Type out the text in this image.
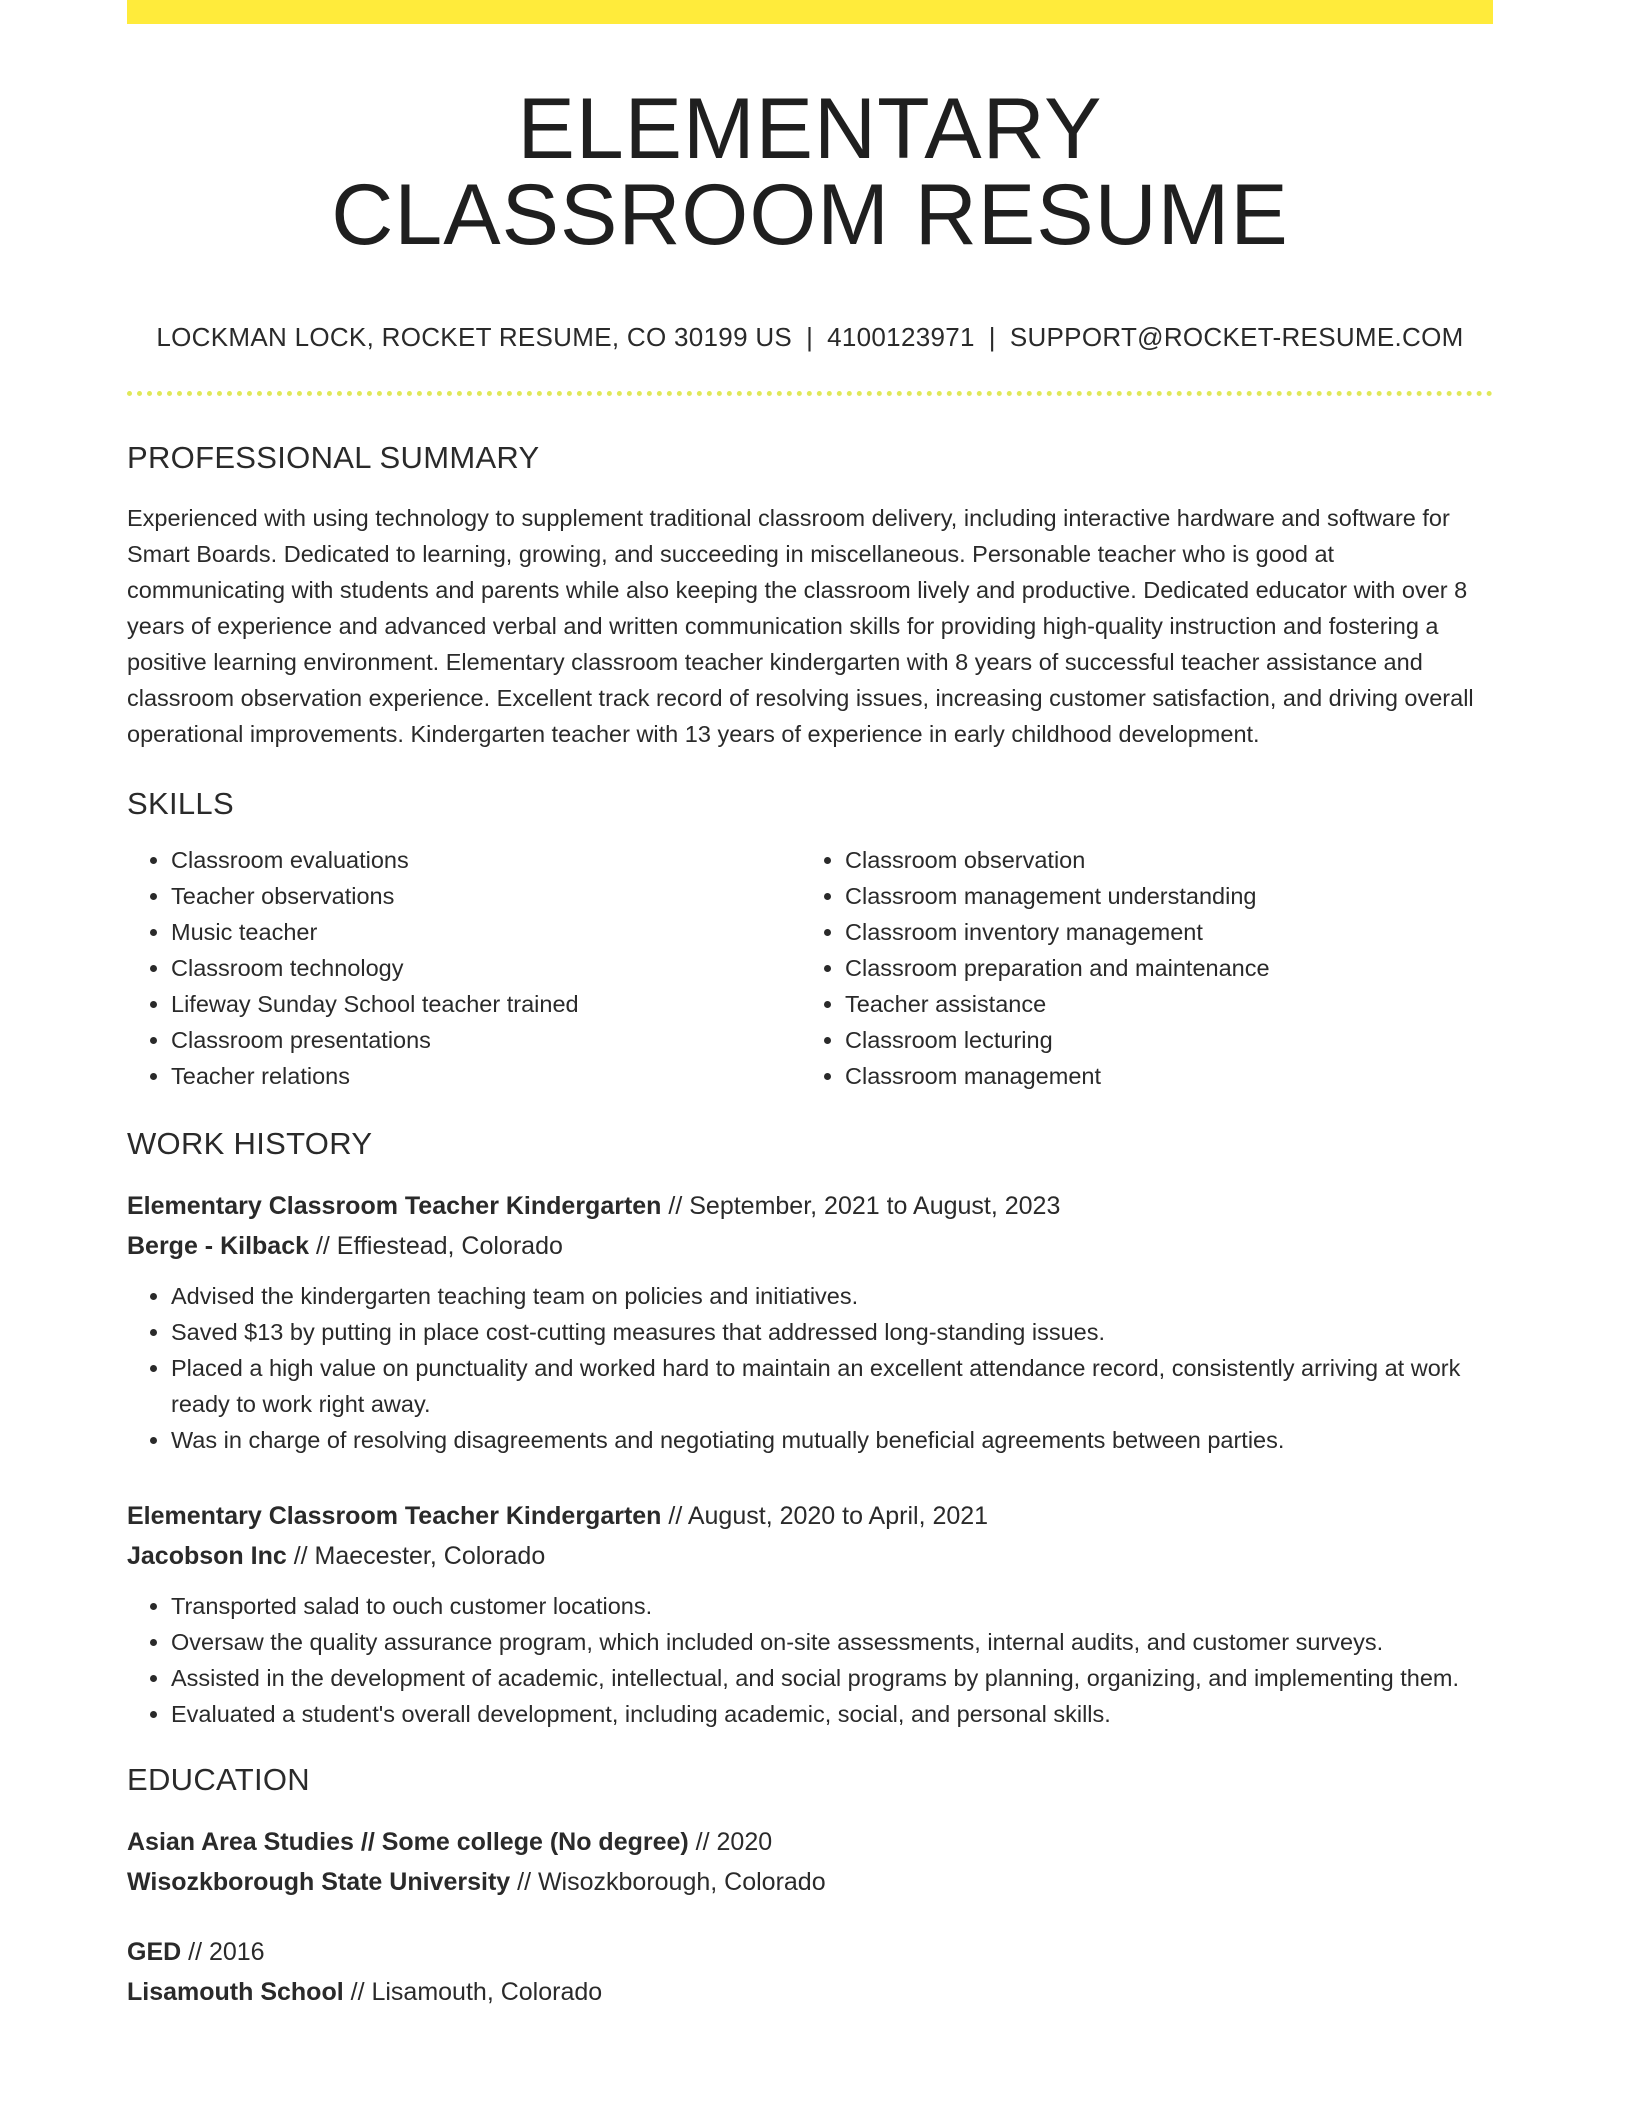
ELEMENTARY
CLASSROOM RESUME
LOCKMAN LOCK, ROCKET RESUME, CO 30199 US | 4100123971 | SUPPORT@ROCKET-RESUME.COM
PROFESSIONAL SUMMARY
Experienced with using technology to supplement traditional classroom delivery, including interactive hardware and software for Smart Boards. Dedicated to learning, growing, and succeeding in miscellaneous. Personable teacher who is good at communicating with students and parents while also keeping the classroom lively and productive. Dedicated educator with over 8 years of experience and advanced verbal and written communication skills for providing high-quality instruction and fostering a positive learning environment. Elementary classroom teacher kindergarten with 8 years of successful teacher assistance and classroom observation experience. Excellent track record of resolving issues, increasing customer satisfaction, and driving overall operational improvements. Kindergarten teacher with 13 years of experience in early childhood development.
SKILLS
• Classroom evaluations
• Teacher observations
• Music teacher
• Classroom technology
• Lifeway Sunday School teacher trained
• Classroom presentations
• Teacher relations
• Classroom observation
• Classroom management understanding
• Classroom inventory management
• Classroom preparation and maintenance
• Teacher assistance
• Classroom lecturing
• Classroom management
WORK HISTORY
Elementary Classroom Teacher Kindergarten // September, 2021 to August, 2023
Berge - Kilback // Effiestead, Colorado
• Advised the kindergarten teaching team on policies and initiatives.
• Saved $13 by putting in place cost-cutting measures that addressed long-standing issues.
• Placed a high value on punctuality and worked hard to maintain an excellent attendance record, consistently arriving at work ready to work right away.
• Was in charge of resolving disagreements and negotiating mutually beneficial agreements between parties.
Elementary Classroom Teacher Kindergarten // August, 2020 to April, 2021
Jacobson Inc // Maecester, Colorado
• Transported salad to ouch customer locations.
• Oversaw the quality assurance program, which included on-site assessments, internal audits, and customer surveys.
• Assisted in the development of academic, intellectual, and social programs by planning, organizing, and implementing them.
• Evaluated a student's overall development, including academic, social, and personal skills.
EDUCATION
Asian Area Studies // Some college (No degree) // 2020
Wisozkborough State University // Wisozkborough, Colorado
GED // 2016
Lisamouth School // Lisamouth, Colorado
